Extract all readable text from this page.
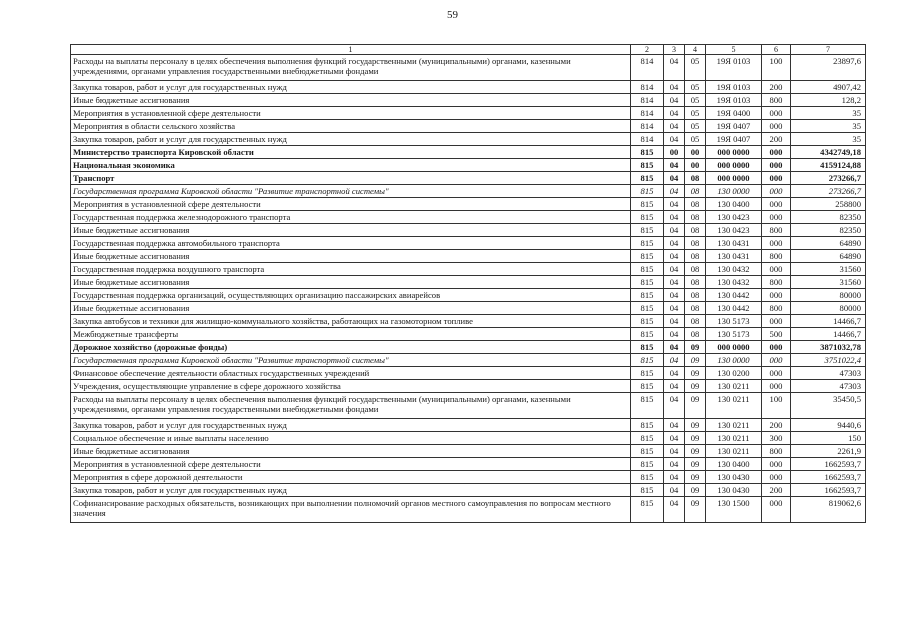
59
1	2	3	4	5	6	7
Расходы на выплаты персоналу в целях обеспечения выполнения функций государственными (муниципальными) органами, казенными учреждениями, органами управления государственными внебюджетными фондами	814	04	05	19Я 0103	100	23897,6
Закупка товаров, работ и услуг для государственных нужд	814	04	05	19Я 0103	200	4907,42
Иные бюджетные ассигнования	814	04	05	19Я 0103	800	128,2
Мероприятия в установленной сфере деятельности	814	04	05	19Я 0400	000	35
Мероприятия в области сельского хозяйства	814	04	05	19Я 0407	000	35
Закупка товаров, работ и услуг для государственных нужд	814	04	05	19Я 0407	200	35
Министерство транспорта Кировской области	815	00	00	000 0000	000	4342749,18
Национальная экономика	815	04	00	000 0000	000	4159124,88
Транспорт	815	04	08	000 0000	000	273266,7
Государственная программа Кировской области "Развитие транспортной системы"	815	04	08	130 0000	000	273266,7
Мероприятия в установленной сфере деятельности	815	04	08	130 0400	000	258800
Государственная поддержка железнодорожного транспорта	815	04	08	130 0423	000	82350
Иные бюджетные ассигнования	815	04	08	130 0423	800	82350
Государственная поддержка автомобильного транспорта	815	04	08	130 0431	000	64890
Иные бюджетные ассигнования	815	04	08	130 0431	800	64890
Государственная поддержка воздушного транспорта	815	04	08	130 0432	000	31560
Иные бюджетные ассигнования	815	04	08	130 0432	800	31560
Государственная поддержка организаций, осуществляющих организацию пассажирских авиарейсов	815	04	08	130 0442	000	80000
Иные бюджетные ассигнования	815	04	08	130 0442	800	80000
Закупка автобусов и техники для жилищно-коммунального хозяйства, работающих на газомоторном топливе	815	04	08	130 5173	000	14466,7
Межбюджетные трансферты	815	04	08	130 5173	500	14466,7
Дорожное хозяйство (дорожные фонды)	815	04	09	000 0000	000	3871032,78
Государственная программа Кировской области "Развитие транспортной системы"	815	04	09	130 0000	000	3751022,4
Финансовое обеспечение деятельности областных государственных учреждений	815	04	09	130 0200	000	47303
Учреждения, осуществляющие управление в сфере дорожного хозяйства	815	04	09	130 0211	000	47303
Расходы на выплаты персоналу в целях обеспечения выполнения функций государственными (муниципальными) органами, казенными учреждениями, органами управления государственными внебюджетными фондами	815	04	09	130 0211	100	35450,5
Закупка товаров, работ и услуг для государственных нужд	815	04	09	130 0211	200	9440,6
Социальное обеспечение и иные выплаты населению	815	04	09	130 0211	300	150
Иные бюджетные ассигнования	815	04	09	130 0211	800	2261,9
Мероприятия в установленной сфере деятельности	815	04	09	130 0400	000	1662593,7
Мероприятия в сфере дорожной деятельности	815	04	09	130 0430	000	1662593,7
Закупка товаров, работ и услуг для государственных нужд	815	04	09	130 0430	200	1662593,7
Софинансирование расходных обязательств, возникающих при выполнении полномочий органов местного самоуправления по вопросам местного значения	815	04	09	130 1500	000	819062,6
